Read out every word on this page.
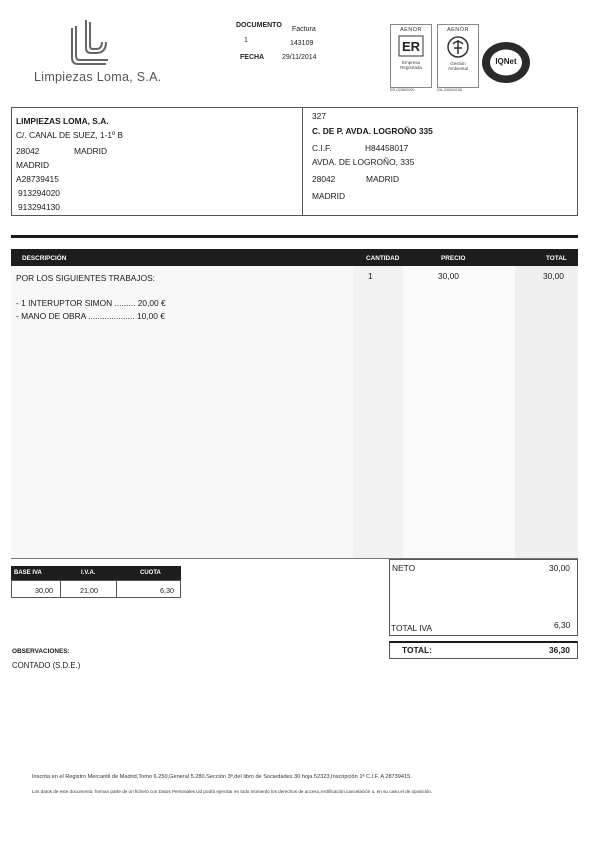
Limpiezas Loma, S.A.
DOCUMENTO
Factura
1	143109
FECHA	29/11/2014
AENOR
ER
Empresa
Registrada
ER-0258/2000
AENOR
Gestión
Ambiental
GA-2000/0238
IQNet
LIMPIEZAS LOMA, S.A.
C/. CANAL DE SUEZ, 1-1º B
28042	MADRID
MADRID
A28739415
913294020
913294130
327
C. DE P. AVDA. LOGROÑO 335
C.I.F.	H84458017
AVDA. DE LOGROÑO, 335
28042	MADRID
MADRID
DESCRIPCIÓN	CANTIDAD	PRECIO	TOTAL
POR LOS SIGUIENTES TRABAJOS:	1	30,00	30,00
- 1 INTERUPTOR SIMON ......... 20,00 €
- MANO DE OBRA .................... 10,00 €
BASE IVA	I.V.A.	CUOTA
30,00	21,00	6,30
NETO	30,00
TOTAL IVA	6,30
TOTAL:	36,30
OBSERVACIONES:
CONTADO (S.D.E.)
Inscrita en el Registro Mercantil de Madrid,Tomo 6.250,General 5.280,Sección 3ª,del libro de Sociedades 30 hoja 52323,Inscripción 1ª C.I.F. A 28739415.
Los datos de este documento, forman parte de un fichero con Datos Personales.Ud podrá ejercitar en todo momento los derechos de acceso,rectificación,cancelación u, en su caso,el de oposición.
